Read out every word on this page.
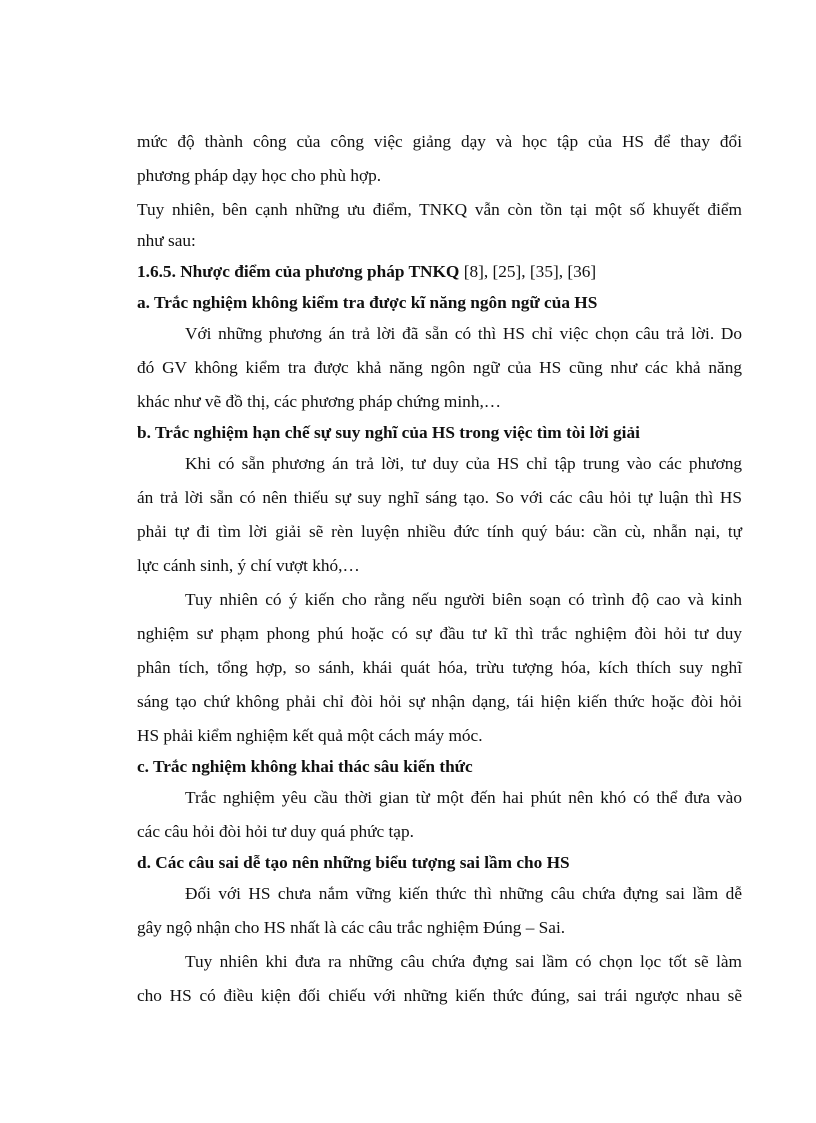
mức độ thành công của công việc giảng dạy và học tập của HS để thay đổi
phương pháp dạy học cho phù hợp.
Tuy nhiên, bên cạnh những ưu điểm, TNKQ vẫn còn tồn tại một số khuyết điểm
như sau:
1.6.5. Nhược điểm của phương pháp TNKQ [8], [25], [35], [36]
a. Trắc nghiệm không kiểm tra được kĩ năng ngôn ngữ của HS
Với những phương án trả lời đã sẵn có thì HS chỉ việc chọn câu trả lời. Do
đó GV không kiểm tra được khả năng ngôn ngữ của HS cũng như các khả năng
khác như vẽ đồ thị, các phương pháp chứng minh,…
b. Trắc nghiệm hạn chế sự suy nghĩ của HS trong việc tìm tòi lời giải
Khi có sẵn phương án trả lời, tư duy của HS chỉ tập trung vào các phương
án trả lời sẵn có nên thiếu sự suy nghĩ sáng tạo. So với các câu hỏi tự luận thì HS
phải tự đi tìm lời giải sẽ rèn luyện nhiều đức tính quý báu: cần cù, nhẫn nại, tự
lực cánh sinh, ý chí vượt khó,…
Tuy nhiên có ý kiến cho rằng nếu người biên soạn có trình độ cao và kinh
nghiệm sư phạm phong phú hoặc có sự đầu tư kĩ thì trắc nghiệm đòi hỏi tư duy
phân tích, tổng hợp, so sánh, khái quát hóa, trừu tượng hóa, kích thích suy nghĩ
sáng tạo chứ không phải chỉ đòi hỏi sự nhận dạng, tái hiện kiến thức hoặc đòi hỏi
HS phải kiểm nghiệm kết quả một cách máy móc.
c. Trắc nghiệm không khai thác sâu kiến thức
Trắc nghiệm yêu cầu thời gian từ một đến hai phút nên khó có thể đưa vào
các câu hỏi đòi hỏi tư duy quá phức tạp.
d. Các câu sai dễ tạo nên những biểu tượng sai lầm cho HS
Đối với HS chưa nắm vững kiến thức thì những câu chứa đựng sai lầm dễ
gây ngộ nhận cho HS nhất là các câu trắc nghiệm Đúng – Sai.
Tuy nhiên khi đưa ra những câu chứa đựng sai lầm có chọn lọc tốt sẽ làm
cho HS có điều kiện đối chiếu với những kiến thức đúng, sai trái ngược nhau sẽ
